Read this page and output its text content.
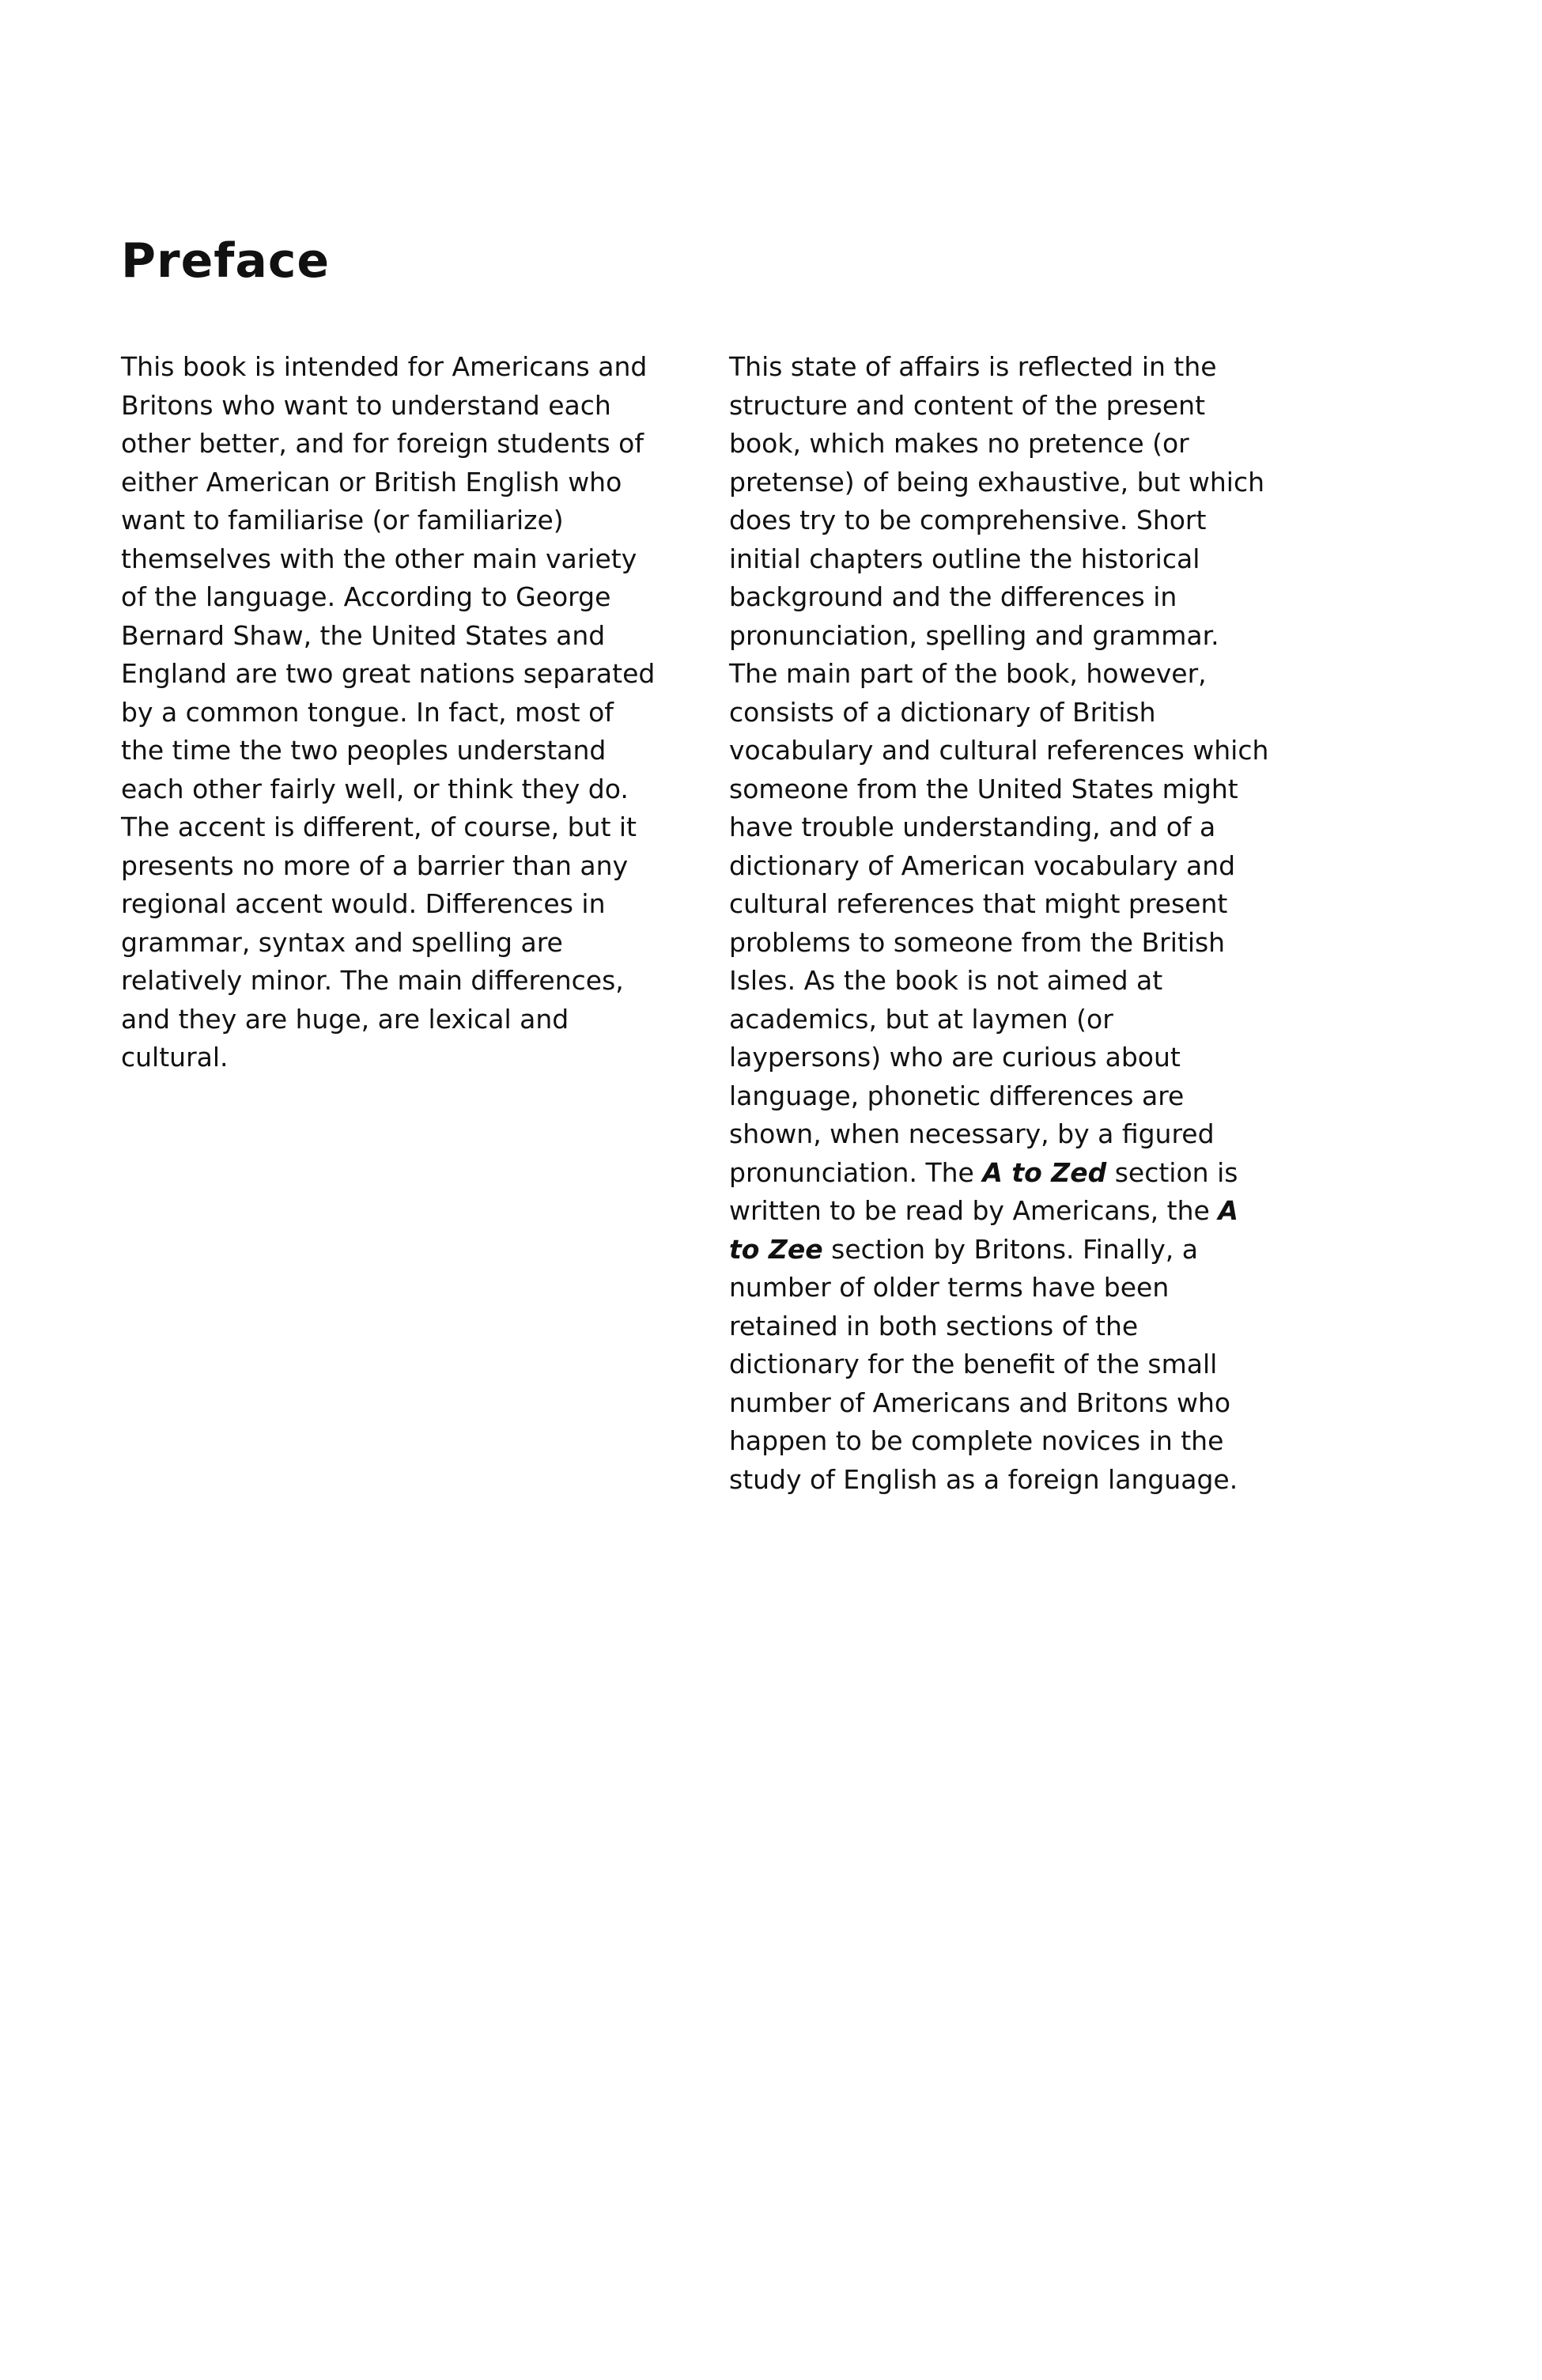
Preface
This book is intended for Americans and
Britons who want to understand each
other better, and for foreign students of
either American or British English who
want to familiarise (or familiarize)
themselves with the other main variety
of the language. According to George
Bernard Shaw, the United States and
England are two great nations separated
by a common tongue. In fact, most of
the time the two peoples understand
each other fairly well, or think they do.
The accent is different, of course, but it
presents no more of a barrier than any
regional accent would. Differences in
grammar, syntax and spelling are
relatively minor. The main differences,
and they are huge, are lexical and
cultural.
This state of affairs is reflected in the
structure and content of the present
book, which makes no pretence (or
pretense) of being exhaustive, but which
does try to be comprehensive. Short
initial chapters outline the historical
background and the differences in
pronunciation, spelling and grammar.
The main part of the book, however,
consists of a dictionary of British
vocabulary and cultural references which
someone from the United States might
have trouble understanding, and of a
dictionary of American vocabulary and
cultural references that might present
problems to someone from the British
Isles. As the book is not aimed at
academics, but at laymen (or
laypersons) who are curious about
language, phonetic differences are
shown, when necessary, by a figured
pronunciation. The A to Zed section is
written to be read by Americans, the A
to Zee section by Britons. Finally, a
number of older terms have been
retained in both sections of the
dictionary for the benefit of the small
number of Americans and Britons who
happen to be complete novices in the
study of English as a foreign language.
